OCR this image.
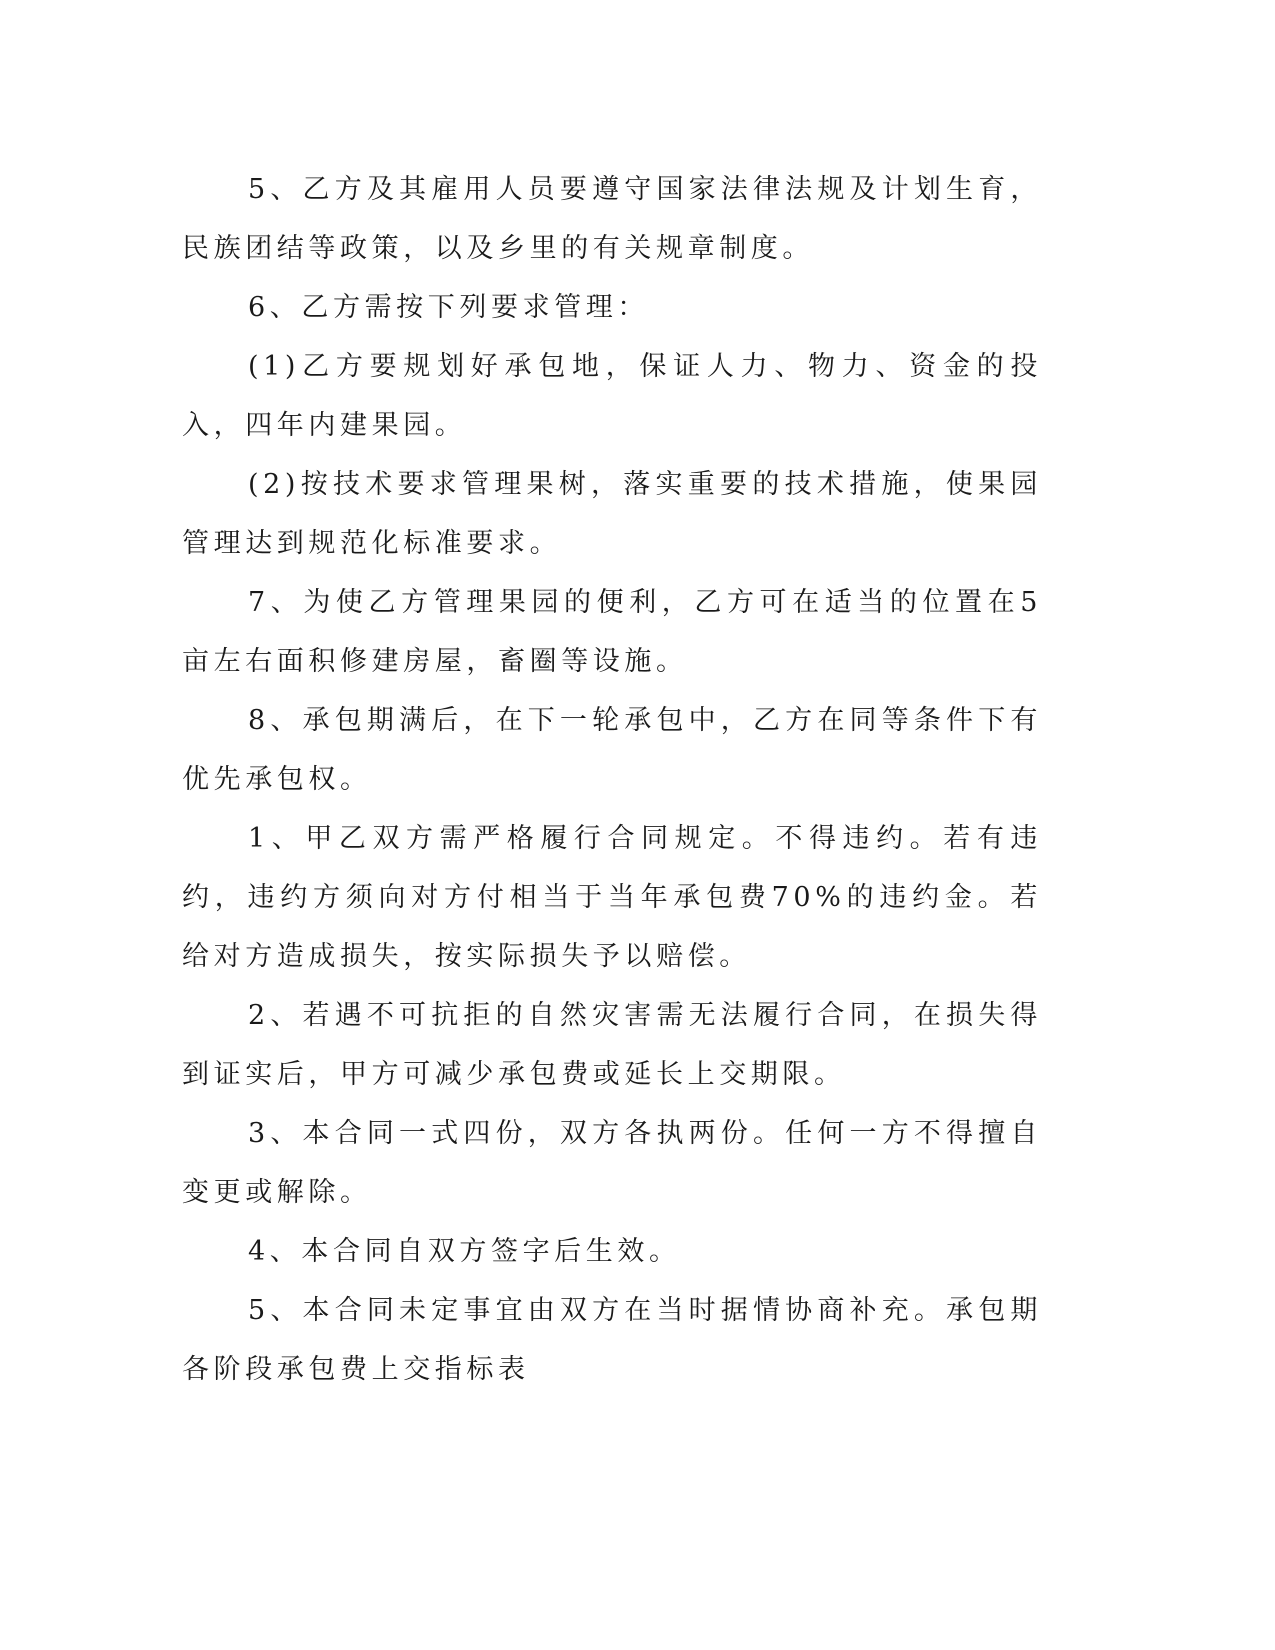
5、乙方及其雇用人员要遵守国家法律法规及计划生育，民族团结等政策，以及乡里的有关规章制度。

6、乙方需按下列要求管理：

(1)乙方要规划好承包地，保证人力、物力、资金的投入，四年内建果园。

(2)按技术要求管理果树，落实重要的技术措施，使果园管理达到规范化标准要求。

7、为使乙方管理果园的便利，乙方可在适当的位置在5亩左右面积修建房屋，畜圈等设施。

8、承包期满后，在下一轮承包中，乙方在同等条件下有优先承包权。

1、甲乙双方需严格履行合同规定。不得违约。若有违约，违约方须向对方付相当于当年承包费70%的违约金。若给对方造成损失，按实际损失予以赔偿。

2、若遇不可抗拒的自然灾害需无法履行合同，在损失得到证实后，甲方可减少承包费或延长上交期限。

3、本合同一式四份，双方各执两份。任何一方不得擅自变更或解除。

4、本合同自双方签字后生效。

5、本合同未定事宜由双方在当时据情协商补充。承包期各阶段承包费上交指标表
